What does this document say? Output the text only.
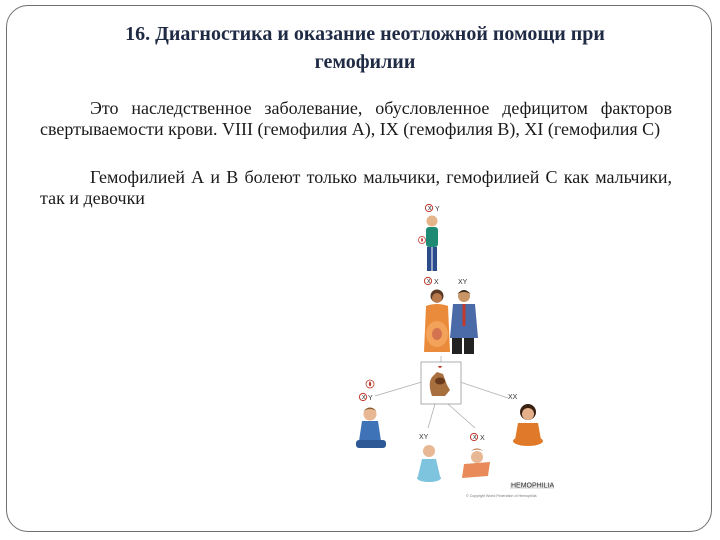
16. Диагностика и оказание неотложной помощи при
гемофилии

Это наследственное заболевание, обусловленное дефицитом факторов свертываемости крови. VIII (гемофилия А), IX (гемофилия В), XI (гемофилия С)

Гемофилией А и В болеют только мальчики, гемофилией С как мальчики, так и девочки

x Y
x X	XY
x Y	XX
XY	x X
HEMOPHILIA
© Copyright World Federation of Hemophilia
